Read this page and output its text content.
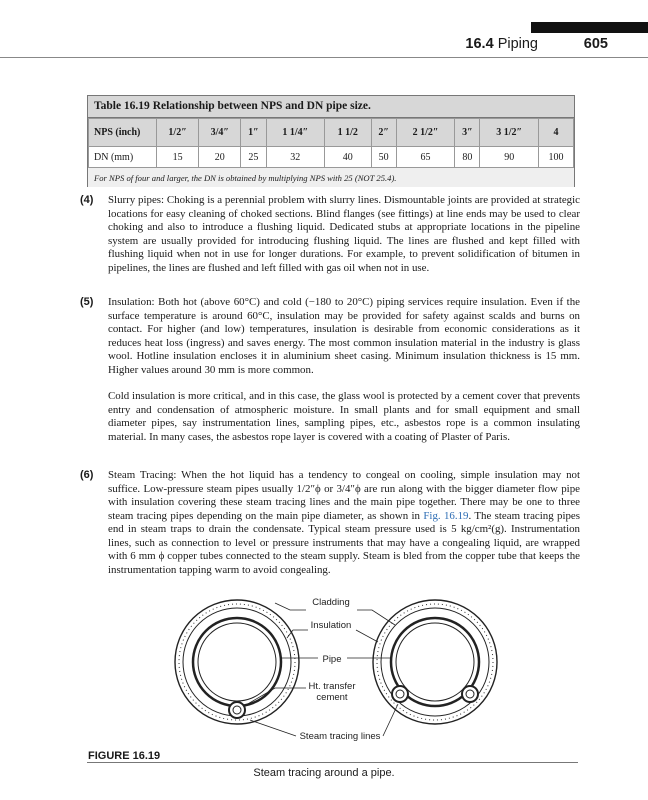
16.4 Piping	605
Table 16.19 Relationship between NPS and DN pipe size.
NPS (inch)	1/2″	3/4″	1″	1 1/4″	1 1/2	2″	2 1/2″	3″	3 1/2″	4
DN (mm)	15	20	25	32	40	50	65	80	90	100
For NPS of four and larger, the DN is obtained by multiplying NPS with 25 (NOT 25.4).
(4) Slurry pipes: Choking is a perennial problem with slurry lines. Dismountable joints are provided at strategic locations for easy cleaning of choked sections. Blind flanges (see fittings) at line ends may be used to clear choking and also to introduce a flushing liquid. Dedicated stubs at appropriate locations in the pipeline system are usually provided for introducing flushing liquid. The lines are flushed and kept filled with flushing liquid when not in use for longer durations. For example, to prevent solidification of bitumen in pipelines, the lines are flushed and left filled with gas oil when not in use.
(5) Insulation: Both hot (above 60°C) and cold (−180 to 20°C) piping services require insulation. Even if the surface temperature is around 60°C, insulation may be provided for safety against scalds and burns on contact. For higher (and low) temperatures, insulation is desirable from economic considerations as it reduces heat loss (ingress) and saves energy. The most common insulation material in the industry is glass wool. Hotline insulation encloses it in aluminium sheet casing. Minimum insulation thickness is 15 mm. Higher values around 30 mm is more common.
Cold insulation is more critical, and in this case, the glass wool is protected by a cement cover that prevents entry and condensation of atmospheric moisture. In small plants and for small equipment and small diameter pipes, say instrumentation lines, sampling pipes, etc., asbestos rope is a common insulating material. In many cases, the asbestos rope layer is covered with a coating of Plaster of Paris.
(6) Steam Tracing: When the hot liquid has a tendency to congeal on cooling, simple insulation may not suffice. Low-pressure steam pipes usually 1/2″ϕ or 3/4″ϕ are run along with the bigger diameter flow pipe with insulation covering these steam tracing lines and the main pipe together. There may be one to three steam tracing pipes depending on the main pipe diameter, as shown in Fig. 16.19. The steam tracing pipes end in steam traps to drain the condensate. Typical steam pressure used is 5 kg/cm²(g). Instrumentation lines, such as connection to level or pressure instruments that may have a congealing liquid, are wrapped with 6 mm ϕ copper tubes connected to the steam supply. Steam is bled from the copper tube that keeps the instrumentation tapping warm to avoid congealing.
Cladding
Insulation
Pipe
Ht. transfer
cement
Steam tracing lines
FIGURE 16.19
Steam tracing around a pipe.
